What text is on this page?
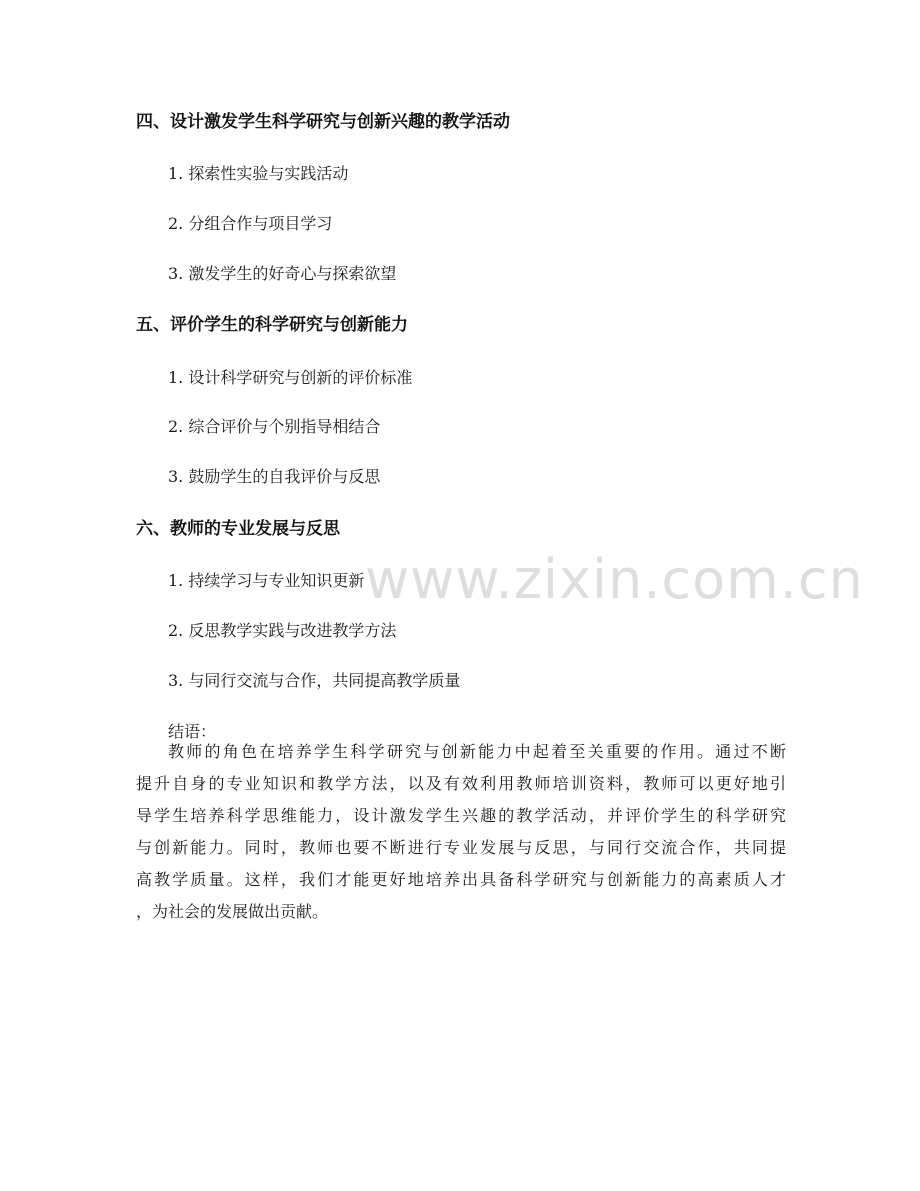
四、设计激发学生科学研究与创新兴趣的教学活动
1. 探索性实验与实践活动
2. 分组合作与项目学习
3. 激发学生的好奇心与探索欲望
五、评价学生的科学研究与创新能力
1. 设计科学研究与创新的评价标准
2. 综合评价与个别指导相结合
3. 鼓励学生的自我评价与反思
六、教师的专业发展与反思
1. 持续学习与专业知识更新
2. 反思教学实践与改进教学方法
3. 与同行交流与合作，共同提高教学质量
结语：
教师的角色在培养学生科学研究与创新能力中起着至关重要的作用。通过不断
提升自身的专业知识和教学方法，以及有效利用教师培训资料，教师可以更好地引
导学生培养科学思维能力，设计激发学生兴趣的教学活动，并评价学生的科学研究
与创新能力。同时，教师也要不断进行专业发展与反思，与同行交流合作，共同提
高教学质量。这样，我们才能更好地培养出具备科学研究与创新能力的高素质人才
，为社会的发展做出贡献。
www.zixin.com.cn
